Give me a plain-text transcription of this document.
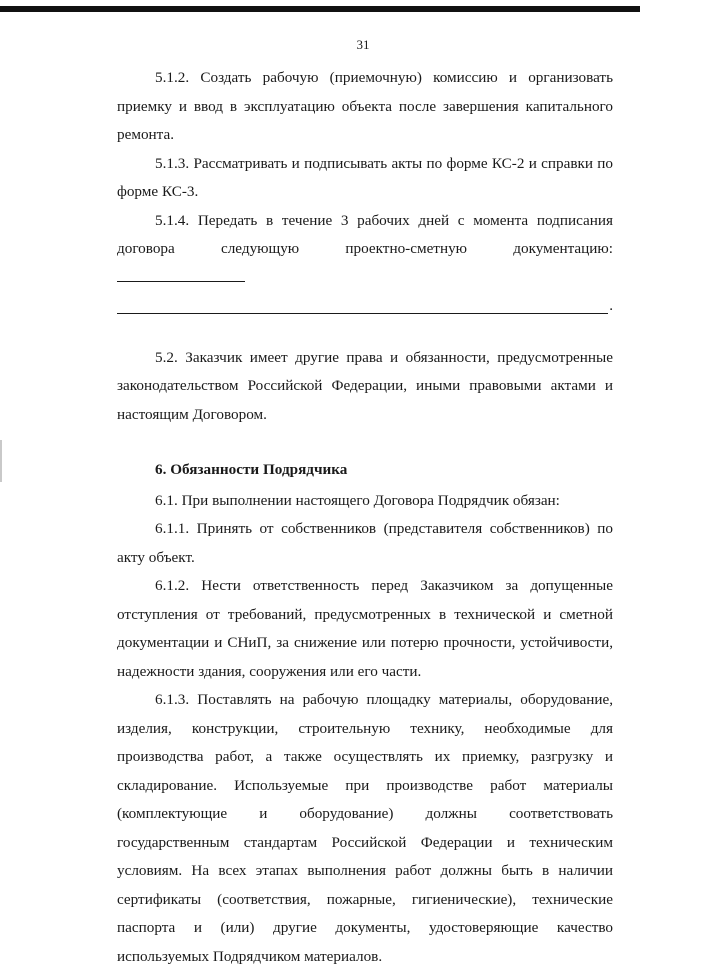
31

5.1.2. Создать рабочую (приемочную) комиссию и организовать приемку и ввод в эксплуатацию объекта после завершения капитального ремонта.

5.1.3. Рассматривать и подписывать акты по форме КС-2 и справки по форме КС-3.

5.1.4. Передать в течение 3 рабочих дней с момента подписания договора следующую проектно-сметную документацию:

.

5.2. Заказчик имеет другие права и обязанности, предусмотренные законодательством Российской Федерации, иными правовыми актами и настоящим Договором.

6. Обязанности Подрядчика

6.1. При выполнении настоящего Договора Подрядчик обязан:

6.1.1. Принять от собственников (представителя собственников) по акту объект.

6.1.2. Нести ответственность перед Заказчиком за допущенные отступления от требований, предусмотренных в технической и сметной документации и СНиП, за снижение или потерю прочности, устойчивости, надежности здания, сооружения или его части.

6.1.3. Поставлять на рабочую площадку материалы, оборудование, изделия, конструкции, строительную технику, необходимые для производства работ, а также осуществлять их приемку, разгрузку и складирование. Используемые при производстве работ материалы (комплектующие и оборудование) должны соответствовать государственным стандартам Российской Федерации и техническим условиям. На всех этапах выполнения работ должны быть в наличии сертификаты (соответствия, пожарные, гигиенические), технические паспорта и (или) другие документы, удостоверяющие качество используемых Подрядчиком материалов.
